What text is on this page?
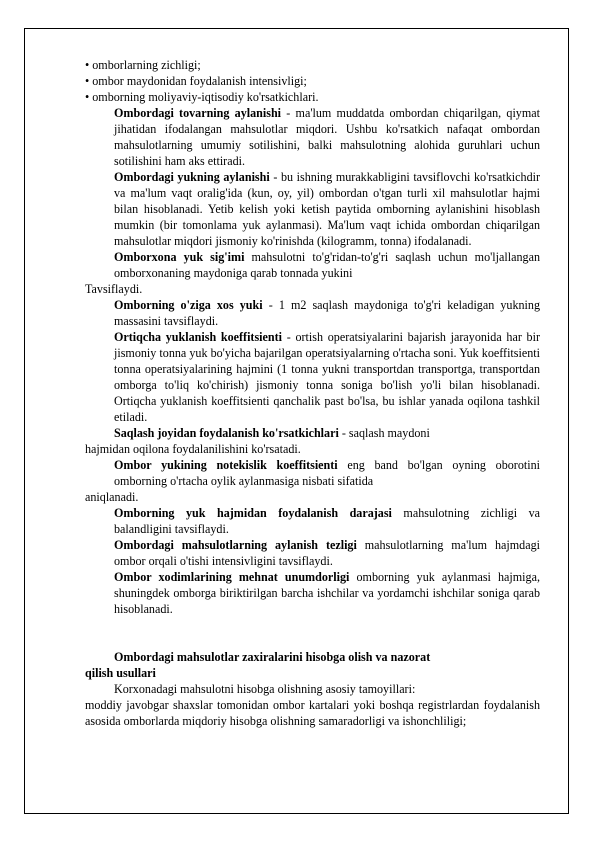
• omborlarning zichligi;
• ombor maydonidan foydalanish intensivligi;
• omborning moliyaviy-iqtisodiy ko'rsatkichlari.
Ombordagi tovarning aylanishi - ma'lum muddatda ombordan chiqarilgan, qiymat jihatidan ifodalangan mahsulotlar miqdori. Ushbu ko'rsatkich nafaqat ombordan mahsulotlarning umumiy sotilishini, balki mahsulotning alohida guruhlari uchun sotilishini ham aks ettiradi.
Ombordagi yukning aylanishi - bu ishning murakkabligini tavsiflovchi ko'rsatkichdir va ma'lum vaqt oralig'ida (kun, oy, yil) ombordan o'tgan turli xil mahsulotlar hajmi bilan hisoblanadi. Yetib kelish yoki ketish paytida omborning aylanishini hisoblash mumkin (bir tomonlama yuk aylanmasi). Ma'lum vaqt ichida ombordan chiqarilgan mahsulotlar miqdori jismoniy ko'rinishda (kilogramm, tonna) ifodalanadi.
Omborxona yuk sig'imi mahsulotni to'g'ridan-to'g'ri saqlash uchun mo'ljallangan omborxonaning maydoniga qarab tonnada yukini
Tavsiflaydi.
Omborning o'ziga xos yuki - 1 m2 saqlash maydoniga to'g'ri keladigan yukning massasini tavsiflaydi.
Ortiqcha yuklanish koeffitsienti - ortish operatsiyalarini bajarish jarayonida har bir jismoniy tonna yuk bo'yicha bajarilgan operatsiyalarning o'rtacha soni. Yuk koeffitsienti tonna operatsiyalarining hajmini (1 tonna yukni transportdan transportga, transportdan omborga to'liq ko'chirish) jismoniy tonna soniga bo'lish yo'li bilan hisoblanadi. Ortiqcha yuklanish koeffitsienti qanchalik past bo'lsa, bu ishlar yanada oqilona tashkil etiladi.
Saqlash joyidan foydalanish ko'rsatkichlari - saqlash maydoni
hajmidan oqilona foydalanilishini ko'rsatadi.
Ombor yukining notekislik koeffitsienti eng band bo'lgan oyning oborotini omborning o'rtacha oylik aylanmasiga nisbati sifatida
aniqlanadi.
Omborning yuk hajmidan foydalanish darajasi mahsulotning zichligi va balandligini tavsiflaydi.
Ombordagi mahsulotlarning aylanish tezligi mahsulotlarning ma'lum hajmdagi ombor orqali o'tishi intensivligini tavsiflaydi.
Ombor xodimlarining mehnat unumdorligi omborning yuk aylanmasi hajmiga, shuningdek omborga biriktirilgan barcha ishchilar va yordamchi ishchilar soniga qarab hisoblanadi.
Ombordagi mahsulotlar zaxiralarini hisobga olish va nazorat
qilish usullari
Korxonadagi mahsulotni hisobga olishning asosiy tamoyillari:
moddiy javobgar shaxslar tomonidan ombor kartalari yoki boshqa registrlardan foydalanish asosida omborlarda miqdoriy hisobga olishning samaradorligi va ishonchliligi;
